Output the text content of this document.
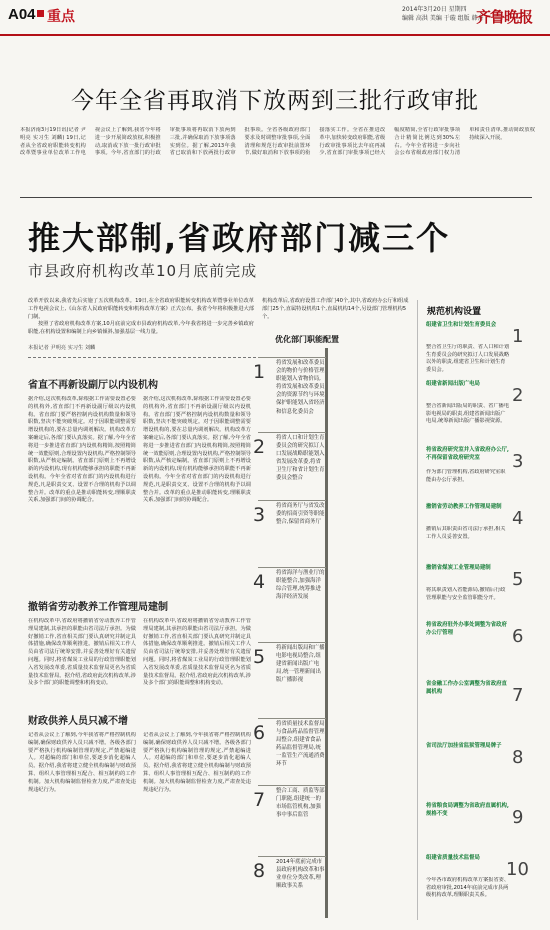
A04 重点	2014年3月20日 星期四
编辑 高洪 美编 于璇 组版 韩舟
齐鲁晚报
今年全省再取消下放两到三批行政审批
本报济南3月19日讯(记者 尹明亮 实习生 刘麟) 19日,记者从全省政府职能转变机构改革暨事业单位改革工作电视会议上了解到,我省今年将进一步开展简政放权,积极推动,取消或下放一批行政审批事项。今年,省直部门的行政审批事项将再取消下放两到三批,并确保取消下放事项落实到位。据了解,2013年我省已取消和下放两批行政审批事项。全省各级政府部门要求及时调整审批事项,全面清理和规范行政审批前置环节,做好取消和下放事项的衔接落实工作。全省在推进改革中,加快转变政府职能,省级行政审批事项比去年底再减少,省直部门审批事项已经大幅度精简,全省行政审批事项合计精简比例达到30%左右。今年全省将进一步向社会公布省级政府部门权力清单和责任清单,推动简政放权持续深入开展。
推大部制,省政府部门减三个
市县政府机构改革10月底前完成

改革开放以来,我省先后实施了五次机构改革。19日,在全省政府职能转变机构改革暨事业单位改革工作电视会议上,《山东省人民政府职能转变和机构改革方案》正式公布。我省今年将积极推进大部门制。

按照了省政府机构改革方案,10月底前完成市县政府机构改革,今年我省将进一步完善乡镇政府职能,在机构设置和编制上向乡镇倾斜,加强基层一线力量。

本报记者 尹明亮 实习生 刘麟
省直不再新设副厅以内设机构
据介绍,这次机构改革,除根据工作需要设置必要的机构外,省直部门不再新设副厅级以内设机构。省直部门要严格控制内设机构数量和领导职数,坚决不能突破规定。对于因职能调整需要增设机构的,要在总量内调剂解决。机构改革方案确定后,各部门要认真落实。据了解,今年全省将进一步推进省直部门内设机构精简,按照精简统一效能原则,合理设置内设机构,严格控制领导职数,从严核定编制。省直部门原则上不再增设新的内设机构,现有机构能够承担的职能不再新设机构。今年全省对省直部门的内设机构进行规范,凡是职责交叉、设置不合理的机构予以调整合并。改革的重点是推动职能转变,理顺职责关系,加强部门间的协调配合。
据介绍,这次机构改革,除根据工作需要设置必要的机构外,省直部门不再新设副厅级以内设机构。省直部门要严格控制内设机构数量和领导职数,坚决不能突破规定。对于因职能调整需要增设机构的,要在总量内调剂解决。机构改革方案确定后,各部门要认真落实。据了解,今年全省将进一步推进省直部门内设机构精简,按照精简统一效能原则,合理设置内设机构,严格控制领导职数,从严核定编制。省直部门原则上不再增设新的内设机构,现有机构能够承担的职能不再新设机构。今年全省对省直部门的内设机构进行规范,凡是职责交叉、设置不合理的机构予以调整合并。改革的重点是推动职能转变,理顺职责关系,加强部门间的协调配合。
撤销省劳动教养工作管理局建制
在机构改革中,省政府将撤销省劳动教养工作管理局建制,其承担的职能由省司法厅承担。为做好撤销工作,省直相关部门要认真研究并制定具体措施,确保改革顺利推进。撤销后相关工作人员由省司法厅统筹安排,并妥善处理好有关遗留问题。同时,将省煤炭工业局的行政管理职能划入省发展改革委,省质量技术监督局更名为省质量技术监督局。据介绍,省政府此次机构改革,涉及多个部门的职能调整和机构变动。
在机构改革中,省政府将撤销省劳动教养工作管理局建制,其承担的职能由省司法厅承担。为做好撤销工作,省直相关部门要认真研究并制定具体措施,确保改革顺利推进。撤销后相关工作人员由省司法厅统筹安排,并妥善处理好有关遗留问题。同时,将省煤炭工业局的行政管理职能划入省发展改革委,省质量技术监督局更名为省质量技术监督局。据介绍,省政府此次机构改革,涉及多个部门的职能调整和机构变动。
财政供养人员只减不增
记者从会议上了解到,今年我省将严格控制机构编制,确保财政供养人员只减不增。各级各部门要严格执行机构编制管理的规定,严禁超编进人。对超编的部门和单位,要逐步消化超编人员。据介绍,我省将建立健全机构编制与财政预算、组织人事管理相互配合、相互制约的工作机制。加大机构编制监督检查力度,严肃查处违规违纪行为。
记者从会议上了解到,今年我省将严格控制机构编制,确保财政供养人员只减不增。各级各部门要严格执行机构编制管理的规定,严禁超编进人。对超编的部门和单位,要逐步消化超编人员。据介绍,我省将建立健全机构编制与财政预算、组织人事管理相互配合、相互制约的工作机制。加大机构编制监督检查力度,严肃查处违规违纪行为。
机构改革后,省政府设置工作部门40个,其中,省政府办公厅和组成部门25个,直属特设机构1个,直属机构14个,另设部门管理机构5个。
优化部门职能配置
1 将省发展和改革委员会的物价与价格管理职能划入省物价局,将省发展和改革委员会的资源节约与环境保护职能划入省经济和信息化委员会
2 将省人口和计划生育委员会的研究拟订人口发展战略职能划入省发展改革委,将省卫生厅和省计划生育委员会整合
3 将省商务厅与省发改委的招商引资等职能整合,保留省商务厅
4 将省海洋与渔业厅的职能整合,加强海洋综合管理,统筹推进海洋经济发展
5 将新闻出版局和广播电影电视局整合,组建省新闻出版广电局,统一管理新闻出版广播影视
6 将省质量技术监督局与食品药品监督管理局整合,组建省食品药品监督管理局,统一监管生产流通消费环节
7 整合工商、质监等部门职能,组建统一的市场监管机构,加强事中事后监管
8 2014年底前完成市县政府机构改革和事业单位分类改革,理顺政事关系
规范机构设置
组建省卫生和计划生育委员会
1
整合省卫生厅的职责、省人口和计划生育委员会的研究拟订人口发展战略以外的职责,组建省卫生和计划生育委员会。
组建省新闻出版广电局
2
整合省新闻出版局的职责、省广播电影电视局的职责,组建省新闻出版广电局,统筹新闻出版广播影视资源。
将省政府研究室并入省政府办公厅,不再保留省政府研究室	3
作为部门管理机构,省政府研究室职能由办公厅承担。
撤销省劳动教养工作管理局建制
4
撤销后其职责由省司法厅承担,相关工作人员妥善安置。
撤销省煤炭工业管理局建制
5
将其职责划入省能源局,撤销后行政管理职能与安全监管职能分开。
将省政府驻外办事处调整为省政府办公厅管理	6
省金融工作办公室调整为省政府直属机构	7
省司法厅加挂省监狱管理局牌子
8
将省粮食局调整为省政府直属机构,规格不变	9
组建省质量技术监督局
10
今年各市政府机构改革方案报省委、省政府审批,2014年底前完成市县两级机构改革,理顺职责关系。
